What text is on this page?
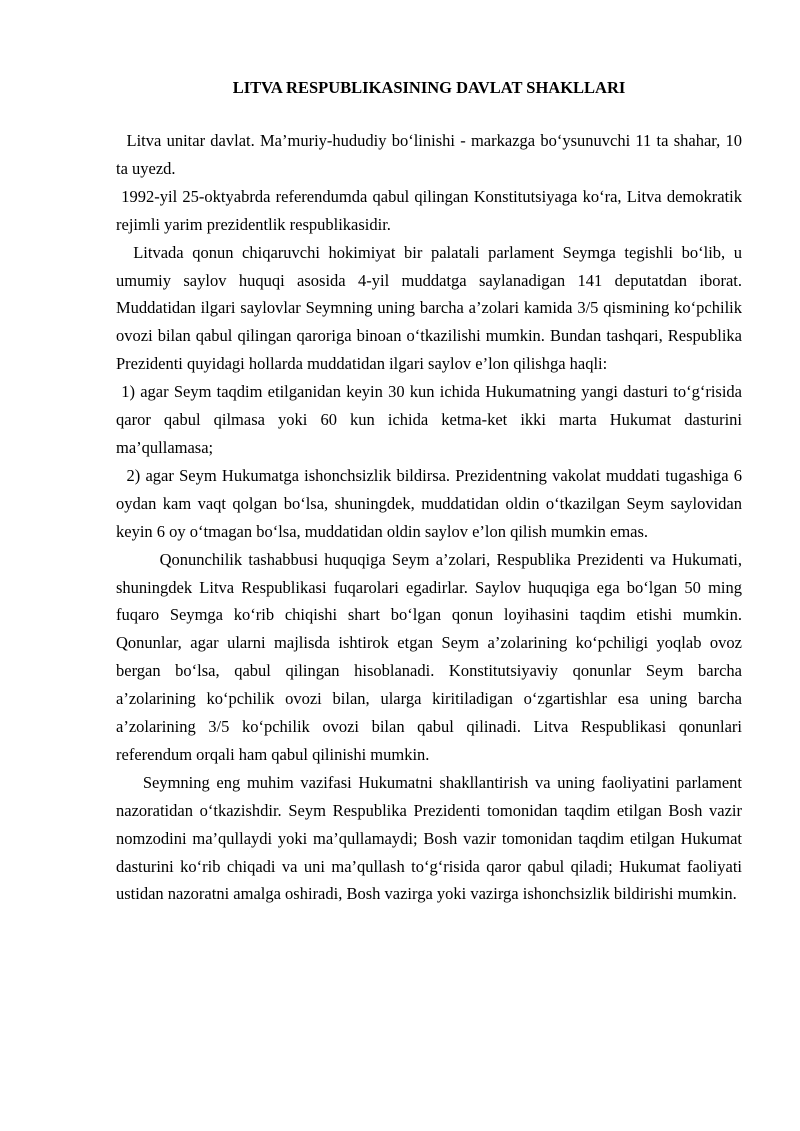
LITVA RESPUBLIKASINING DAVLAT SHAKLLARI

Litva unitar davlat. Ma’muriy-hududiy bo‘linishi - markazga bo‘ysunuvchi 11 ta shahar, 10 ta uyezd.

1992-yil 25-oktyabrda referendumda qabul qilingan Konstitutsiyaga ko‘ra, Litva demokratik rejimli yarim prezidentlik respublikasidir.

Litvada qonun chiqaruvchi hokimiyat bir palatali parlament Seymga tegishli bo‘lib, u umumiy saylov huquqi asosida 4-yil muddatga saylanadigan 141 deputatdan iborat. Muddatidan ilgari saylovlar Seymning uning barcha a’zolari kamida 3/5 qismining ko‘pchilik ovozi bilan qabul qilingan qaroriga binoan o‘tkazilishi mumkin. Bundan tashqari, Respublika Prezidenti quyidagi hollarda muddatidan ilgari saylov e’lon qilishga haqli:

1) agar Seym taqdim etilganidan keyin 30 kun ichida Hukumatning yangi dasturi to‘g‘risida qaror qabul qilmasa yoki 60 kun ichida ketma-ket ikki marta Hukumat dasturini ma’qullamasa;

2) agar Seym Hukumatga ishonchsizlik bildirsa. Prezidentning vakolat muddati tugashiga 6 oydan kam vaqt qolgan bo‘lsa, shuningdek, muddatidan oldin o‘tkazilgan Seym saylovidan keyin 6 oy o‘tmagan bo‘lsa, muddatidan oldin saylov e’lon qilish mumkin emas.

Qonunchilik tashabbusi huquqiga Seym a’zolari, Respublika Prezidenti va Hukumati, shuningdek Litva Respublikasi fuqarolari egadirlar. Saylov huquqiga ega bo‘lgan 50 ming fuqaro Seymga ko‘rib chiqishi shart bo‘lgan qonun loyihasini taqdim etishi mumkin. Qonunlar, agar ularni majlisda ishtirok etgan Seym a’zolarining ko‘pchiligi yoqlab ovoz bergan bo‘lsa, qabul qilingan hisoblanadi. Konstitutsiyaviy qonunlar Seym barcha a’zolarining ko‘pchilik ovozi bilan, ularga kiritiladigan o‘zgartishlar esa uning barcha a’zolarining 3/5 ko‘pchilik ovozi bilan qabul qilinadi. Litva Respublikasi qonunlari referendum orqali ham qabul qilinishi mumkin.

Seymning eng muhim vazifasi Hukumatni shakllantirish va uning faoliyatini parlament nazoratidan o‘tkazishdir. Seym Respublika Prezidenti tomonidan taqdim etilgan Bosh vazir nomzodini ma’qullaydi yoki ma’qullamaydi; Bosh vazir tomonidan taqdim etilgan Hukumat dasturini ko‘rib chiqadi va uni ma’qullash to‘g‘risida qaror qabul qiladi; Hukumat faoliyati ustidan nazoratni amalga oshiradi, Bosh vazirga yoki vazirga ishonchsizlik bildirishi mumkin.
